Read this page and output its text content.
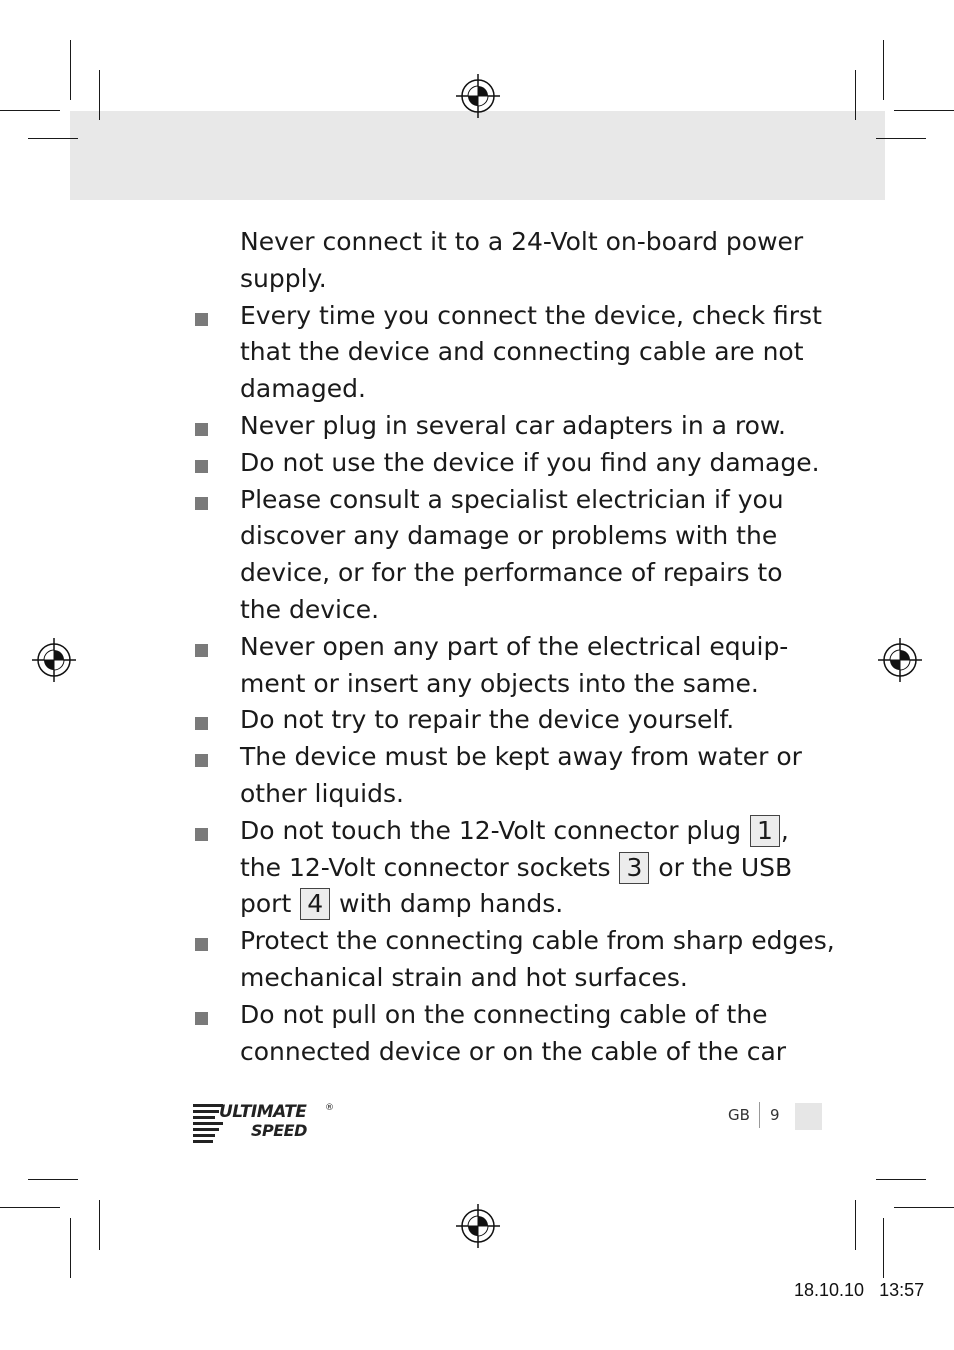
Never connect it to a 24-Volt on-board power
supply.
Every time you connect the device, check first
that the device and connecting cable are not
damaged.
Never plug in several car adapters in a row.
Do not use the device if you find any damage.
Please consult a specialist electrician if you
discover any damage or problems with the
device, or for the performance of repairs to
the device.
Never open any part of the electrical equip-
ment or insert any objects into the same.
Do not try to repair the device yourself.
The device must be kept away from water or
other liquids.
Do not touch the 12-Volt connector plug 1 ,
the 12-Volt connector sockets 3 or the USB
port 4 with damp hands.
Protect the connecting cable from sharp edges,
mechanical strain and hot surfaces.
Do not pull on the connecting cable of the
connected device or on the cable of the car
ULTIMATE
SPEED
®	GB 9
18.10.10 13:57
